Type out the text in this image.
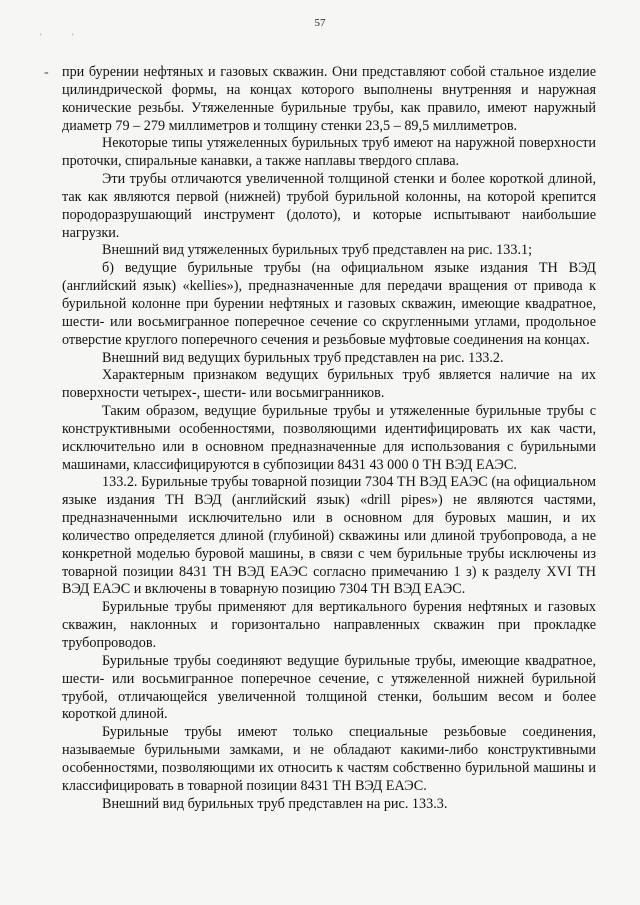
57
'	'
- при бурении нефтяных и газовых скважин. Они представляют собой стальное изделие цилиндрической формы, на концах которого выполнены внутренняя и наружная конические резьбы. Утяжеленные бурильные трубы, как правило, имеют наружный диаметр 79 – 279 миллиметров и толщину стенки 23,5 – 89,5 миллиметров.

Некоторые типы утяжеленных бурильных труб имеют на наружной поверхности проточки, спиральные канавки, а также наплавы твердого сплава.

Эти трубы отличаются увеличенной толщиной стенки и более короткой длиной, так как являются первой (нижней) трубой бурильной колонны, на которой крепится породоразрушающий инструмент (долото), и которые испытывают наибольшие нагрузки.

Внешний вид утяжеленных бурильных труб представлен на рис. 133.1;

б) ведущие бурильные трубы (на официальном языке издания ТН ВЭД (английский язык) «kellies»), предназначенные для передачи вращения от привода к бурильной колонне при бурении нефтяных и газовых скважин, имеющие квадратное, шести- или восьмигранное поперечное сечение со скругленными углами, продольное отверстие круглого поперечного сечения и резьбовые муфтовые соединения на концах.

Внешний вид ведущих бурильных труб представлен на рис. 133.2.

Характерным признаком ведущих бурильных труб является наличие на их поверхности четырех-, шести- или восьмигранников.

Таким образом, ведущие бурильные трубы и утяжеленные бурильные трубы с конструктивными особенностями, позволяющими идентифицировать их как части, исключительно или в основном предназначенные для использования с бурильными машинами, классифицируются в субпозиции 8431 43 000 0 ТН ВЭД ЕАЭС.

133.2. Бурильные трубы товарной позиции 7304 ТН ВЭД ЕАЭС (на официальном языке издания ТН ВЭД (английский язык) «drill pipes») не являются частями, предназначенными исключительно или в основном для буровых машин, и их количество определяется длиной (глубиной) скважины или длиной трубопровода, а не конкретной моделью буровой машины, в связи с чем бурильные трубы исключены из товарной позиции 8431 ТН ВЭД ЕАЭС согласно примечанию 1 з) к разделу XVI ТН ВЭД ЕАЭС и включены в товарную позицию 7304 ТН ВЭД ЕАЭС.

Бурильные трубы применяют для вертикального бурения нефтяных и газовых скважин, наклонных и горизонтально направленных скважин при прокладке трубопроводов.

Бурильные трубы соединяют ведущие бурильные трубы, имеющие квадратное, шести- или восьмигранное поперечное сечение, с утяжеленной нижней бурильной трубой, отличающейся увеличенной толщиной стенки, большим весом и более короткой длиной.

Бурильные трубы имеют только специальные резьбовые соединения, называемые бурильными замками, и не обладают какими-либо конструктивными особенностями, позволяющими их относить к частям собственно бурильной машины и классифицировать в товарной позиции 8431 ТН ВЭД ЕАЭС.

Внешний вид бурильных труб представлен на рис. 133.3.
